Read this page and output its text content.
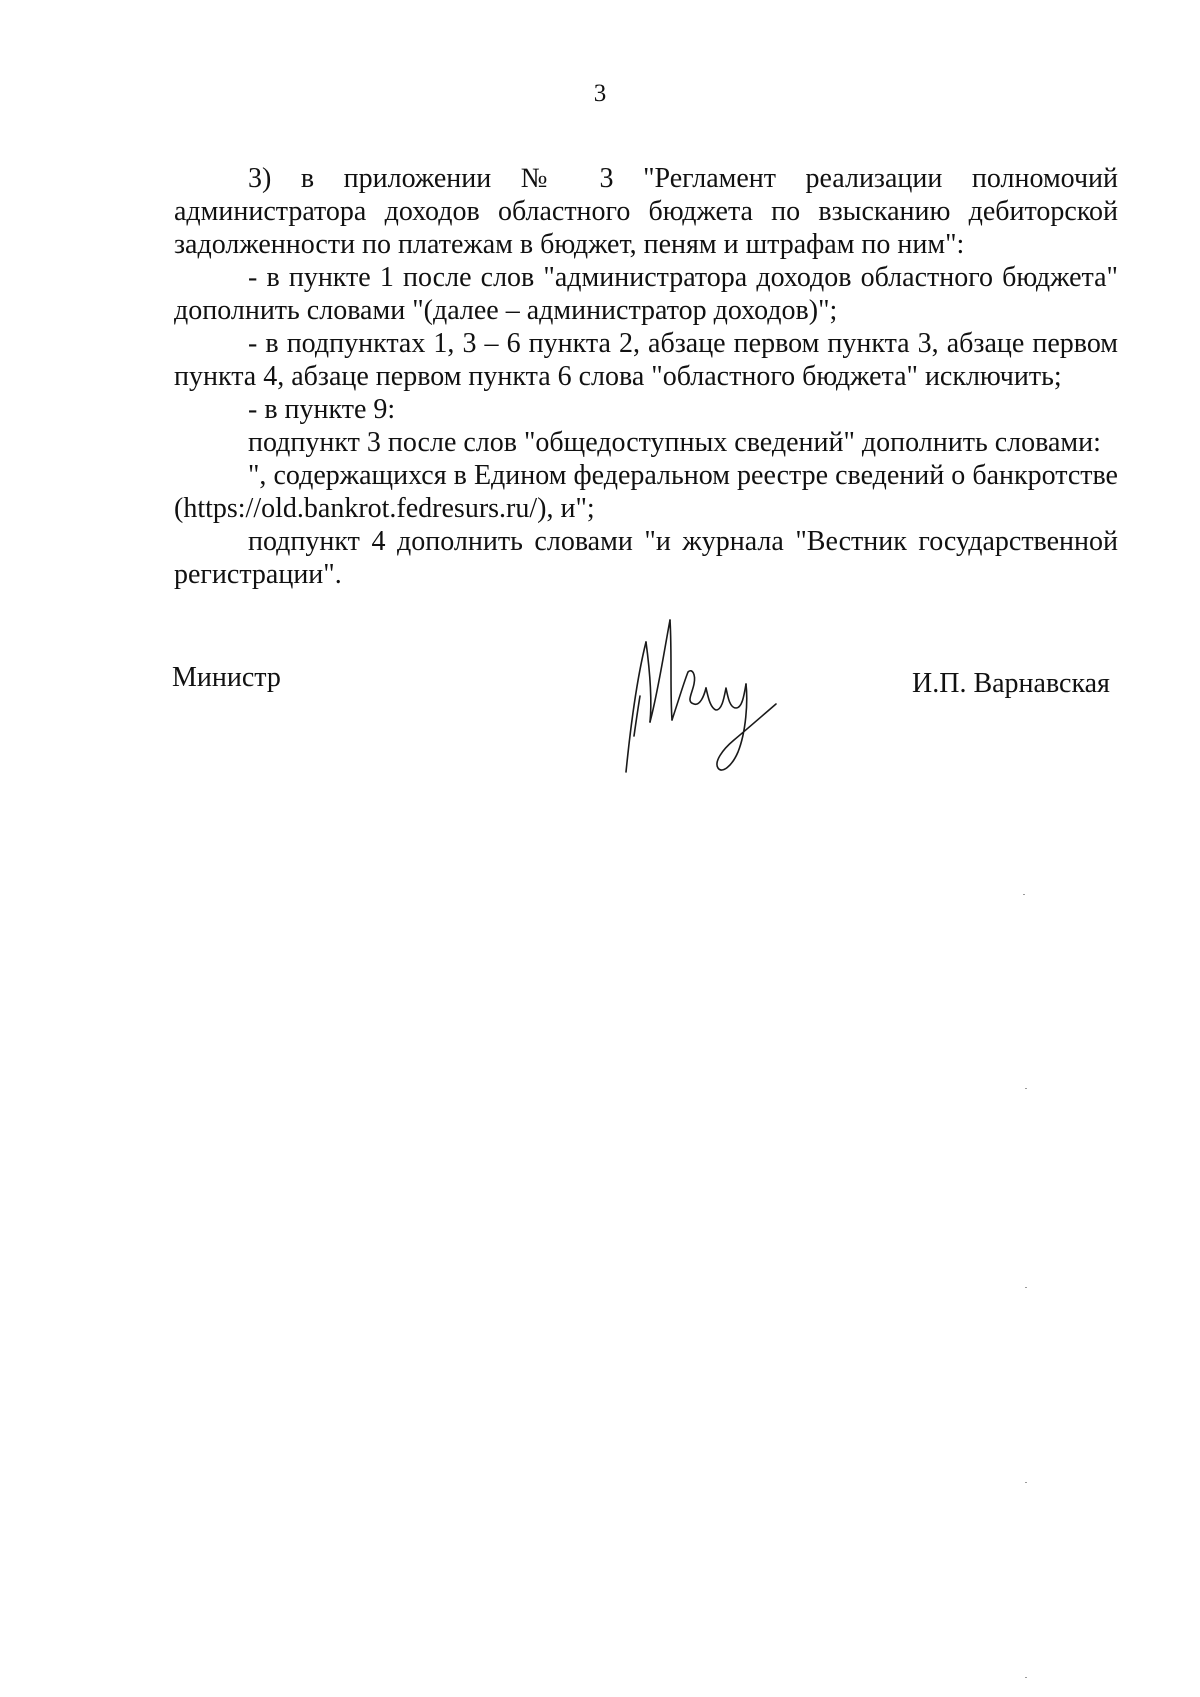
3

3) в приложении № 3 "Регламент реализации полномочий администратора доходов областного бюджета по взысканию дебиторской задолженности по платежам в бюджет, пеням и штрафам по ним":

- в пункте 1 после слов "администратора доходов областного бюджета" дополнить словами "(далее – администратор доходов)";

- в подпунктах 1, 3 – 6 пункта 2, абзаце первом пункта 3, абзаце первом пункта 4, абзаце первом пункта 6 слова "областного бюджета" исключить;

- в пункте 9:

подпункт 3 после слов "общедоступных сведений" дополнить словами:

", содержащихся в Едином федеральном реестре сведений о банкротстве (https://old.bankrot.fedresurs.ru/), и";

подпункт 4 дополнить словами "и журнала "Вестник государственной регистрации".

Министр	И.П. Варнавская
